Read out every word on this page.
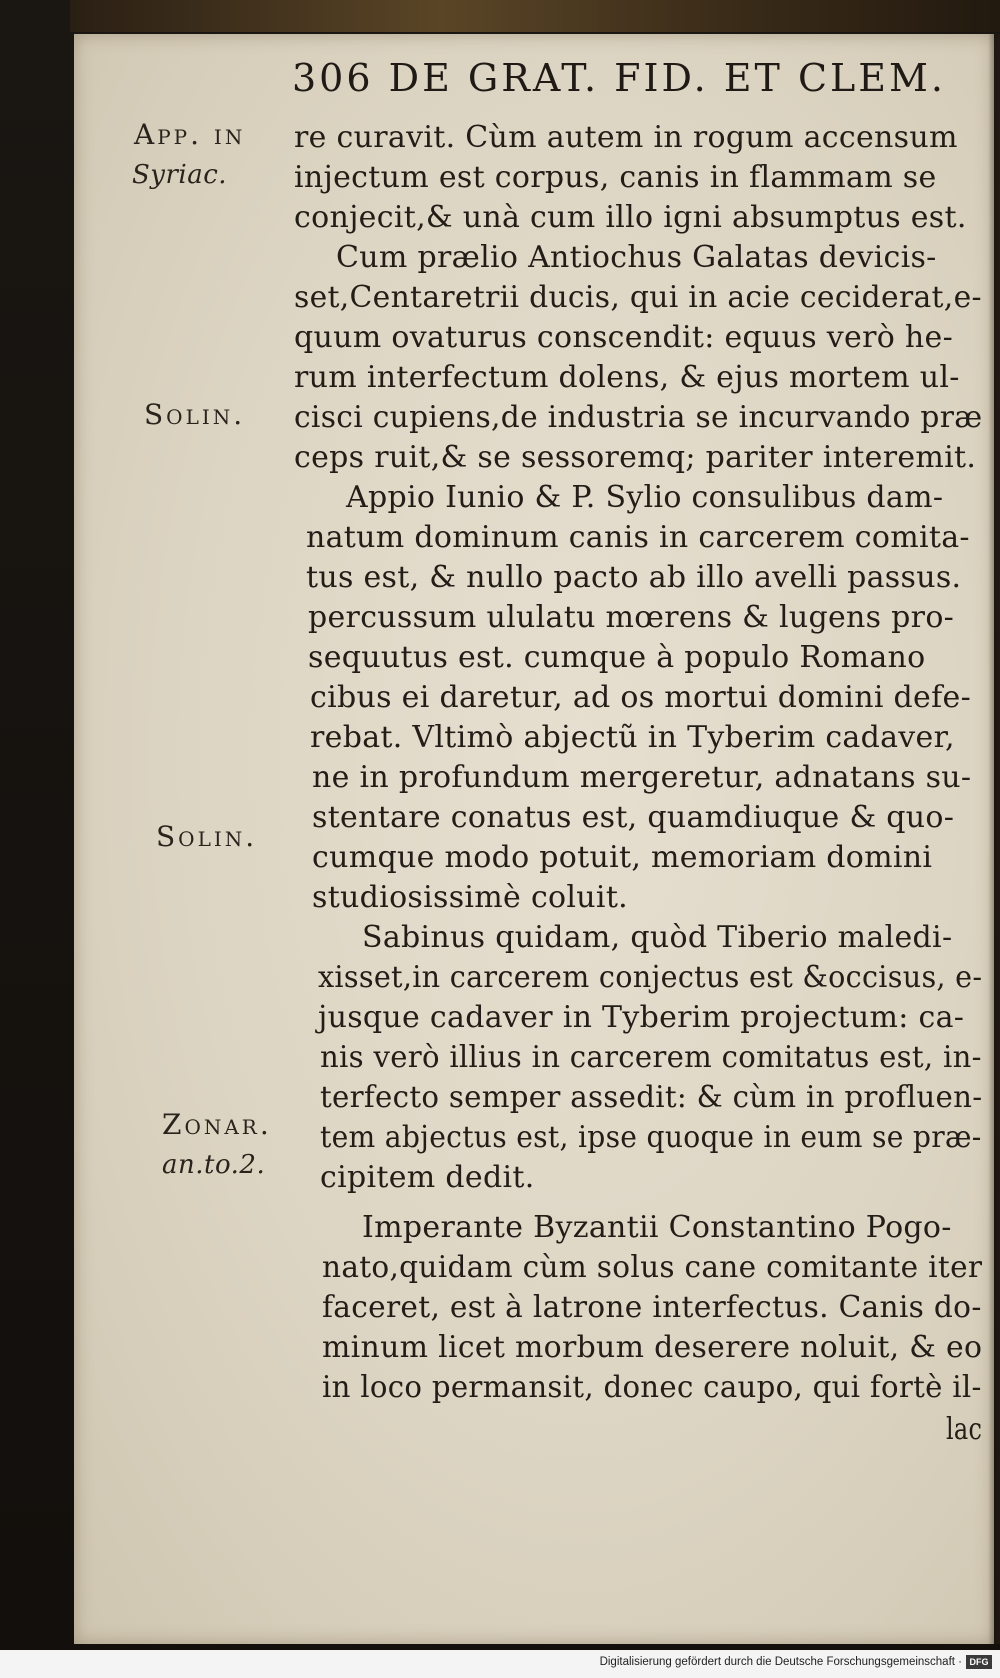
306 DE GRAT. FID. ET CLEM.
App. in
Syriac.
Solin.
Solin.
Zonar.
an.to.2.
re curavit. Cùm autem in rogum accensum
injectum est corpus, canis in flammam se
conjecit,& unà cum illo igni absumptus est.
Cum prælio Antiochus Galatas devicis-
set,Centaretrii ducis, qui in acie ceciderat,e-
quum ovaturus conscendit: equus verò he-
rum interfectum dolens, & ejus mortem ul-
cisci cupiens,de industria se incurvando præ
ceps ruit,& se sessoremq; pariter interemit.
Appio Iunio & P. Sylio consulibus dam-
natum dominum canis in carcerem comita-
tus est, & nullo pacto ab illo avelli passus.
percussum ululatu mœrens & lugens pro-
sequutus est. cumque à populo Romano
cibus ei daretur, ad os mortui domini defe-
rebat. Vltimò abjectũ in Tyberim cadaver,
ne in profundum mergeretur, adnatans su-
stentare conatus est, quamdiuque & quo-
cumque modo potuit, memoriam domini
studiosissimè coluit.
Sabinus quidam, quòd Tiberio maledi-
xisset,in carcerem conjectus est &occisus, e-
jusque cadaver in Tyberim projectum: ca-
nis verò illius in carcerem comitatus est, in-
terfecto semper assedit: & cùm in profluen-
tem abjectus est, ipse quoque in eum se præ-
cipitem dedit.
Imperante Byzantii Constantino Pogo-
nato,quidam cùm solus cane comitante iter
faceret, est à latrone interfectus. Canis do-
minum licet morbum deserere noluit, & eo
in loco permansit, donec caupo, qui fortè il-
lac
Digitalisierung gefördert durch die Deutsche Forschungsgemeinschaft · DFG
